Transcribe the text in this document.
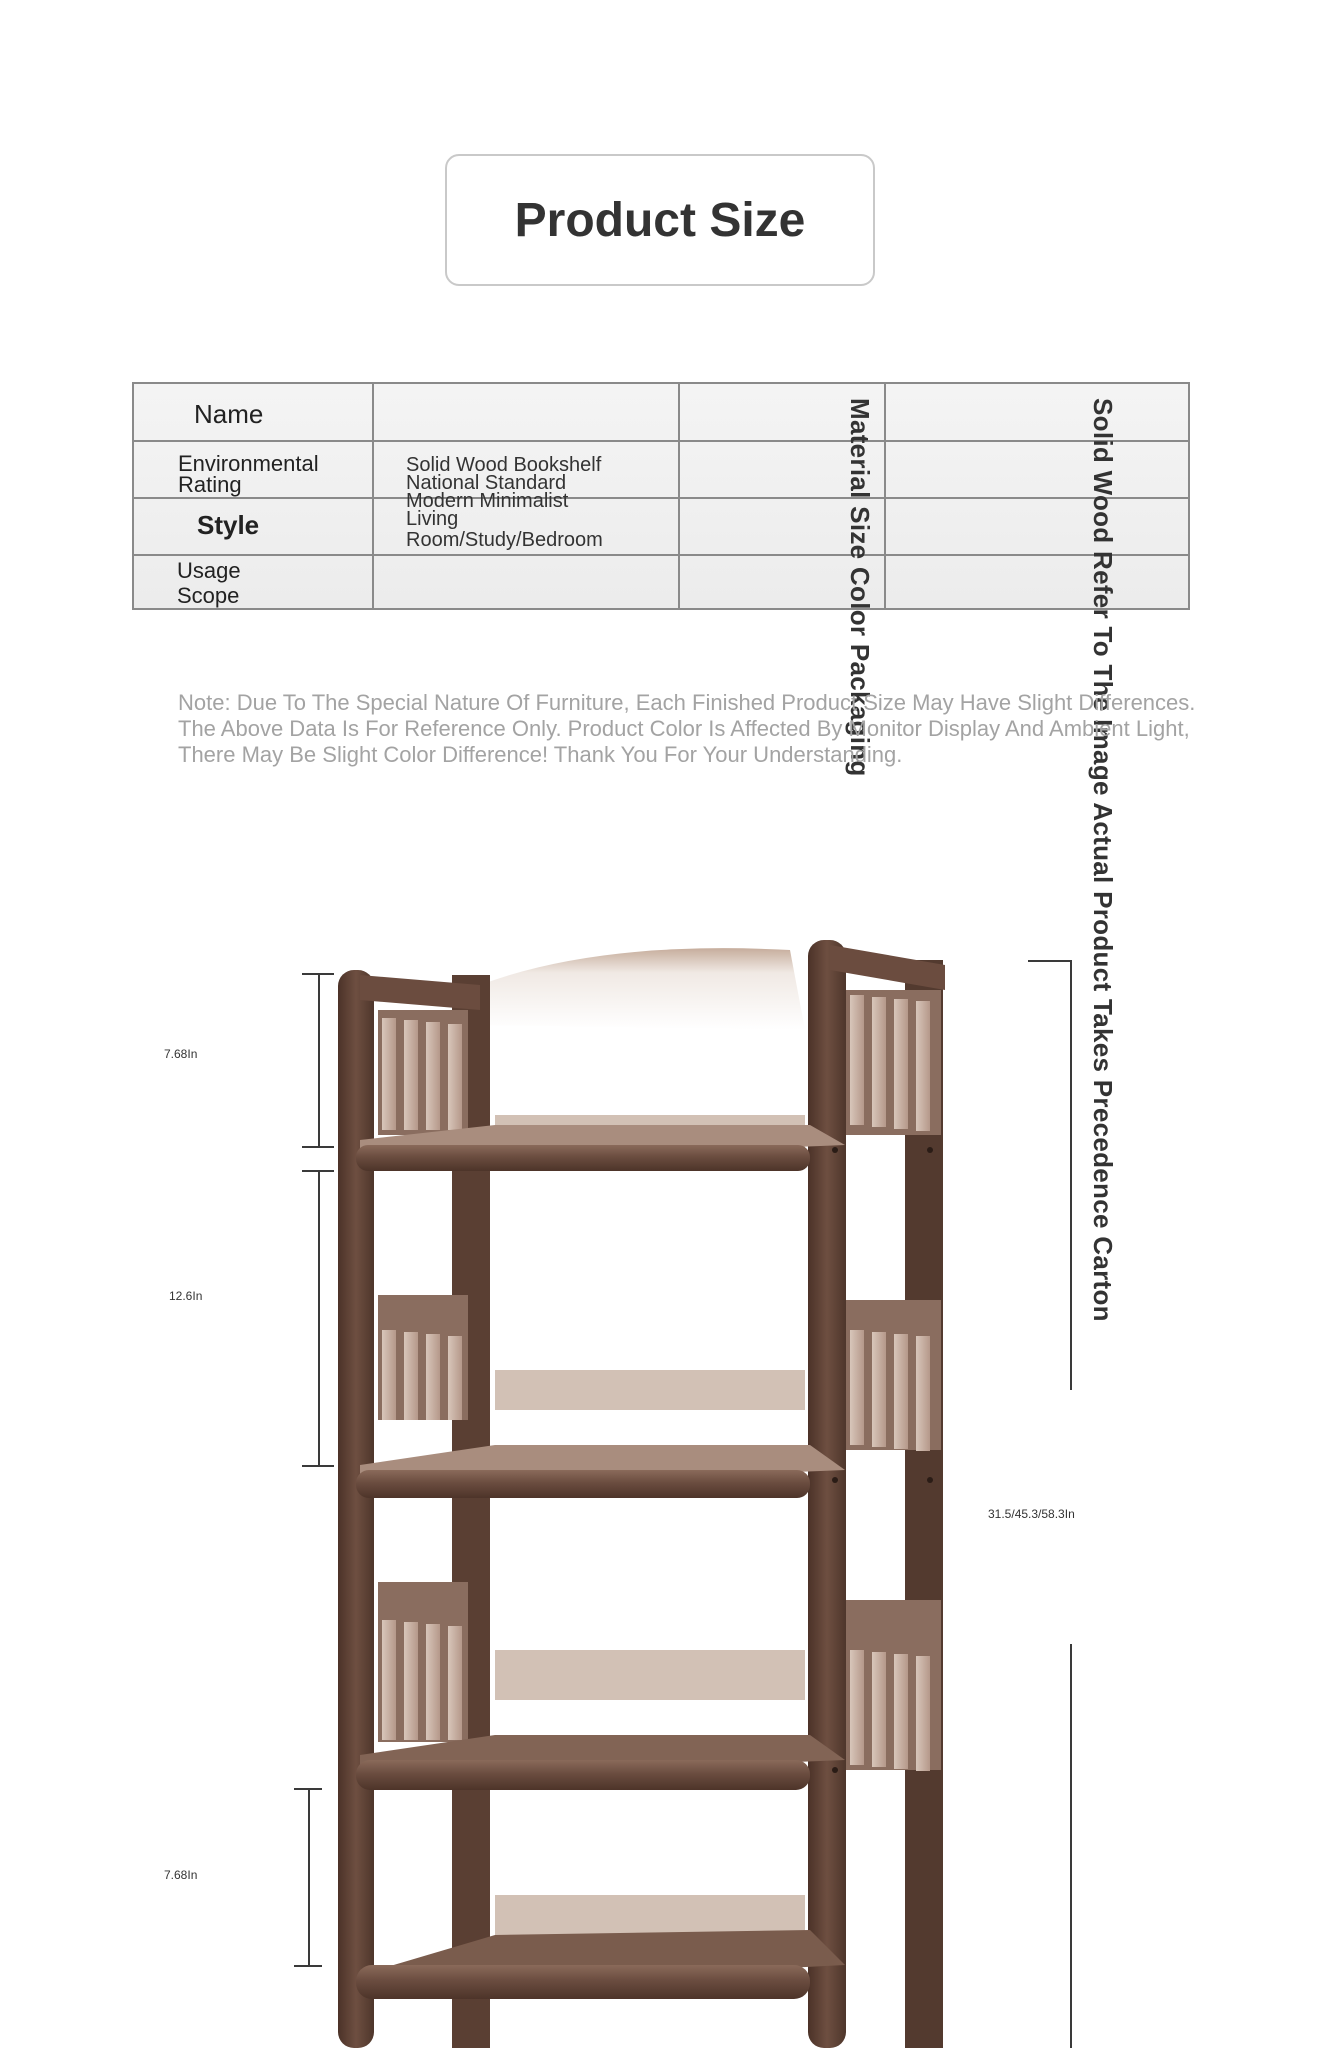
Product Size
Name
Environmental
Rating
Style
Usage
Scope
Solid Wood Bookshelf
National Standard
Modern Minimalist
Living
Room/Study/Bedroom	Material Size Color Packaging	Solid Wood Refer To The Image Actual Product Takes Precedence Carton
Note: Due To The Special Nature Of Furniture, Each Finished Product Size May Have Slight Differences. The Above Data Is For Reference Only. Product Color Is Affected By Monitor Display And Ambient Light, There May Be Slight Color Difference! Thank You For Your Understanding.
7.68In
12.6In
7.68In
31.5/45.3/58.3In
